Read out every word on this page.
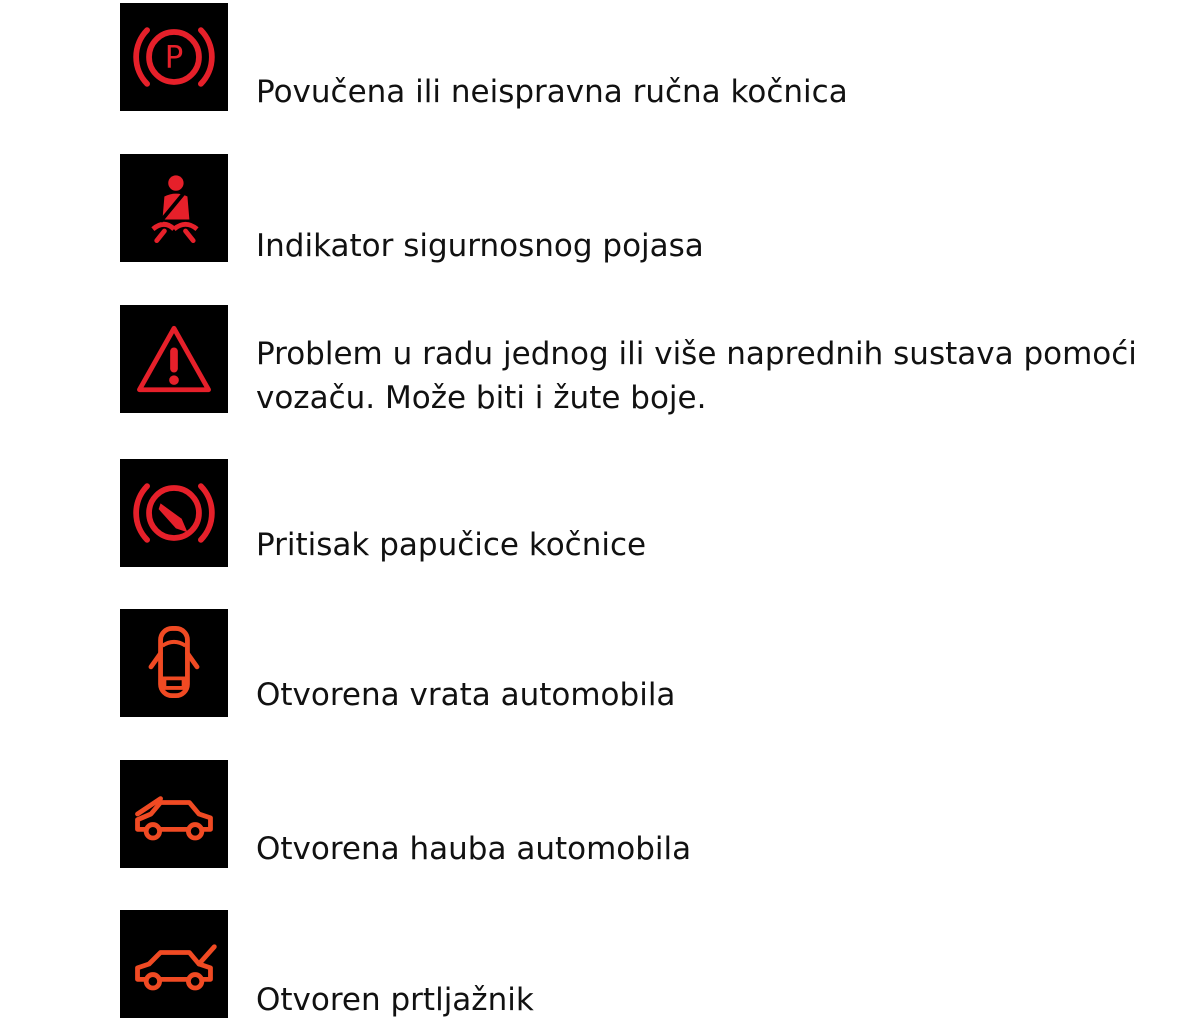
P
Povučena ili neispravna ručna kočnica
Indikator sigurnosnog pojasa
Problem u radu jednog ili više naprednih sustava pomoći
vozaču. Može biti i žute boje.
Pritisak papučice kočnice
Otvorena vrata automobila
Otvorena hauba automobila
Otvoren prtljažnik
